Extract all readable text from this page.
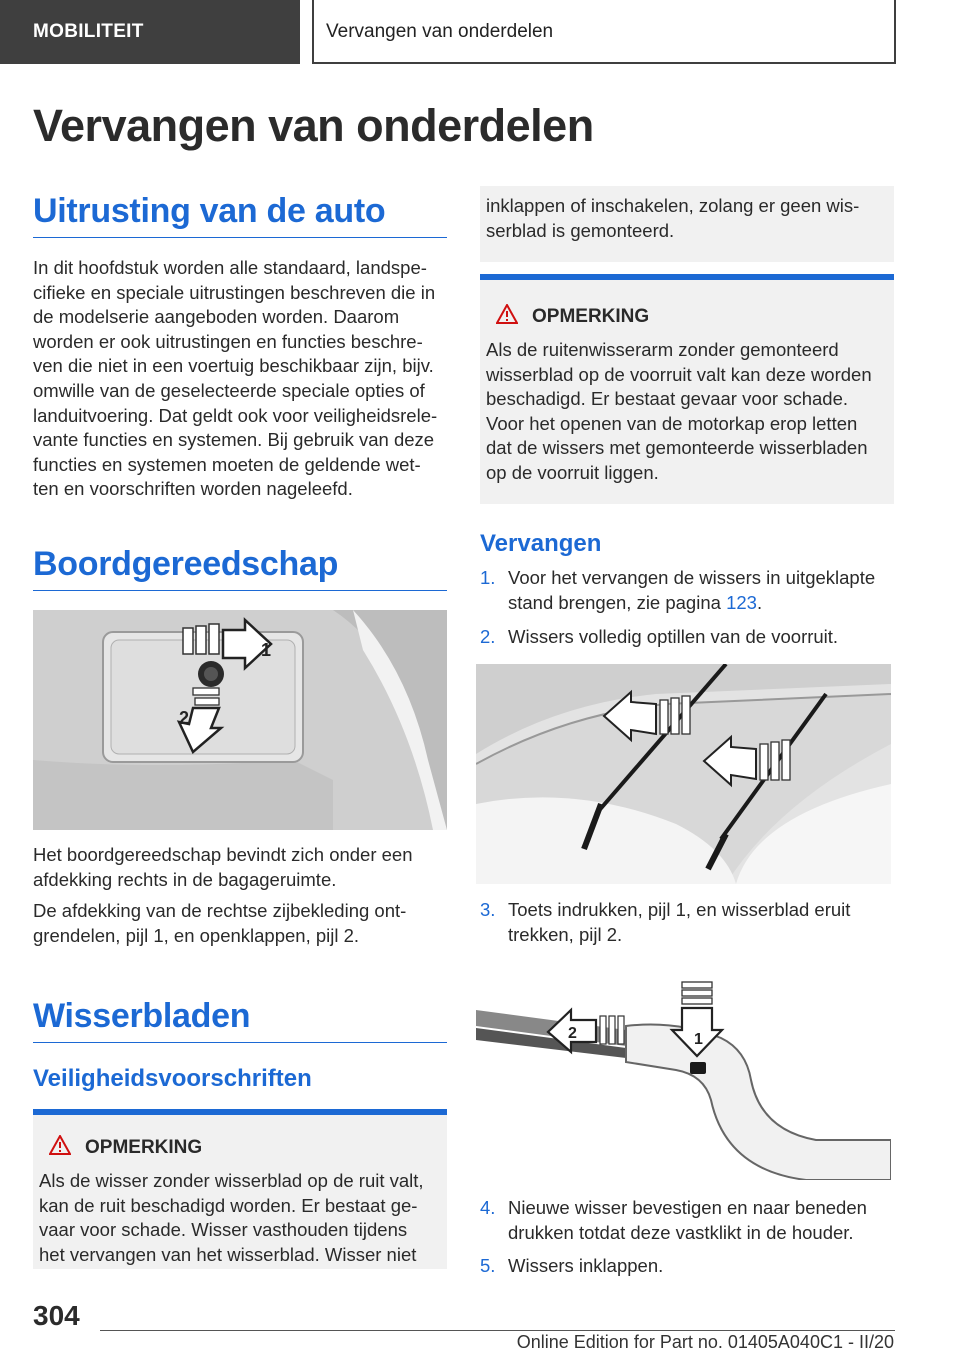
MOBILITEIT	Vervangen van onderdelen
Vervangen van onderdelen
Uitrusting van de auto
In dit hoofdstuk worden alle standaard, landspe‐
cifieke en speciale uitrustingen beschreven die in
de modelserie aangeboden worden. Daarom
worden er ook uitrustingen en functies beschre‐
ven die niet in een voertuig beschikbaar zijn, bijv.
omwille van de geselecteerde speciale opties of
landuitvoering. Dat geldt ook voor veiligheidsrele‐
vante functies en systemen. Bij gebruik van deze
functies en systemen moeten de geldende wet‐
ten en voorschriften worden nageleefd.
Boordgereedschap
1
2
Het boordgereedschap bevindt zich onder een
afdekking rechts in de bagageruimte.
De afdekking van de rechtse zijbekleding ont‐
grendelen, pijl 1, en openklappen, pijl 2.
Wisserbladen
Veiligheidsvoorschriften
OPMERKING
Als de wisser zonder wisserblad op de ruit valt,
kan de ruit beschadigd worden. Er bestaat ge‐
vaar voor schade. Wisser vasthouden tijdens
het vervangen van het wisserblad. Wisser niet
inklappen of inschakelen, zolang er geen wis‐
serblad is gemonteerd.
OPMERKING
Als de ruitenwisserarm zonder gemonteerd
wisserblad op de voorruit valt kan deze worden
beschadigd. Er bestaat gevaar voor schade.
Voor het openen van de motorkap erop letten
dat de wissers met gemonteerde wisserbladen
op de voorruit liggen.
Vervangen
1. Voor het vervangen de wissers in uitgeklapte
stand brengen, zie pagina 123.
2. Wissers volledig optillen van de voorruit.
3. Toets indrukken, pijl 1, en wisserblad eruit
trekken, pijl 2.
1
2
4. Nieuwe wisser bevestigen en naar beneden
drukken totdat deze vastklikt in de houder.
5. Wissers inklappen.
304
Online Edition for Part no. 01405A040C1 - II/20
